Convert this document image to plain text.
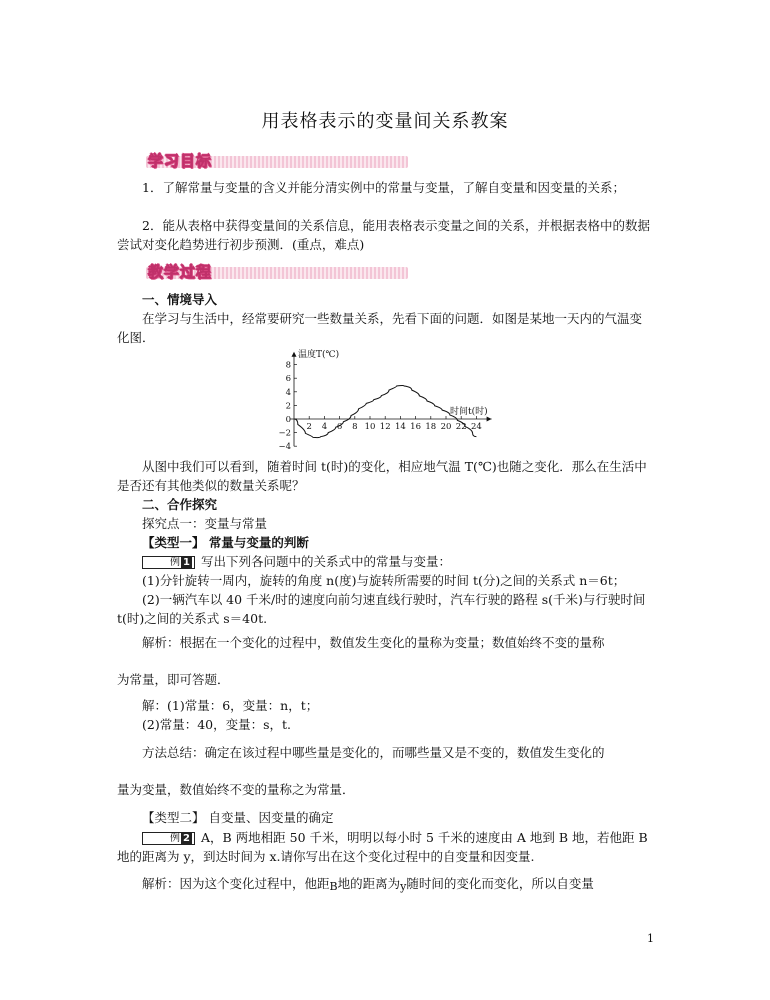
用表格表示的变量间关系教案
学习目标
1．了解常量与变量的含义并能分清实例中的常量与变量，了解自变量和因变量的关系；
2．能从表格中获得变量间的关系信息，能用表格表示变量之间的关系，并根据表格中的数据尝试对变化趋势进行初步预测．(重点，难点)
教学过程
一、情境导入
在学习与生活中，经常要研究一些数量关系，先看下面的问题．如图是某地一天内的气温变化图．
8
6
4
2
0
−2
−4
2 4 6 8 10 12 14 16 18 20 22 24
温度T(℃)
时间t(时)
从图中我们可以看到，随着时间 t(时)的变化，相应地气温 T(℃)也随之变化．那么在生活中是否还有其他类似的数量关系呢？
二、合作探究
探究点一：变量与常量
【类型一】 常量与变量的判断
例 1 写出下列各问题中的关系式中的常量与变量：
(1)分针旋转一周内，旋转的角度 n(度)与旋转所需要的时间 t(分)之间的关系式 n＝6t；
(2)一辆汽车以 40 千米/时的速度向前匀速直线行驶时，汽车行驶的路程 s(千米)与行驶时间 t(时)之间的关系式 s＝40t.
解析：根据在一个变化的过程中，数值发生变化的量称为变量；数值始终不变的量称
为常量，即可答题．
解：(1)常量：6，变量：n，t；
(2)常量：40，变量：s，t.
方法总结：确定在该过程中哪些量是变化的，而哪些量又是不变的，数值发生变化的
量为变量，数值始终不变的量称之为常量．
【类型二】 自变量、因变量的确定
例 2 A，B 两地相距 50 千米，明明以每小时 5 千米的速度由 A 地到 B 地，若他距 B 地的距离为 y，到达时间为 x.请你写出在这个变化过程中的自变量和因变量.
解析：因为这个变化过程中，他距B地的距离为y随时间的变化而变化，所以自变量
1
